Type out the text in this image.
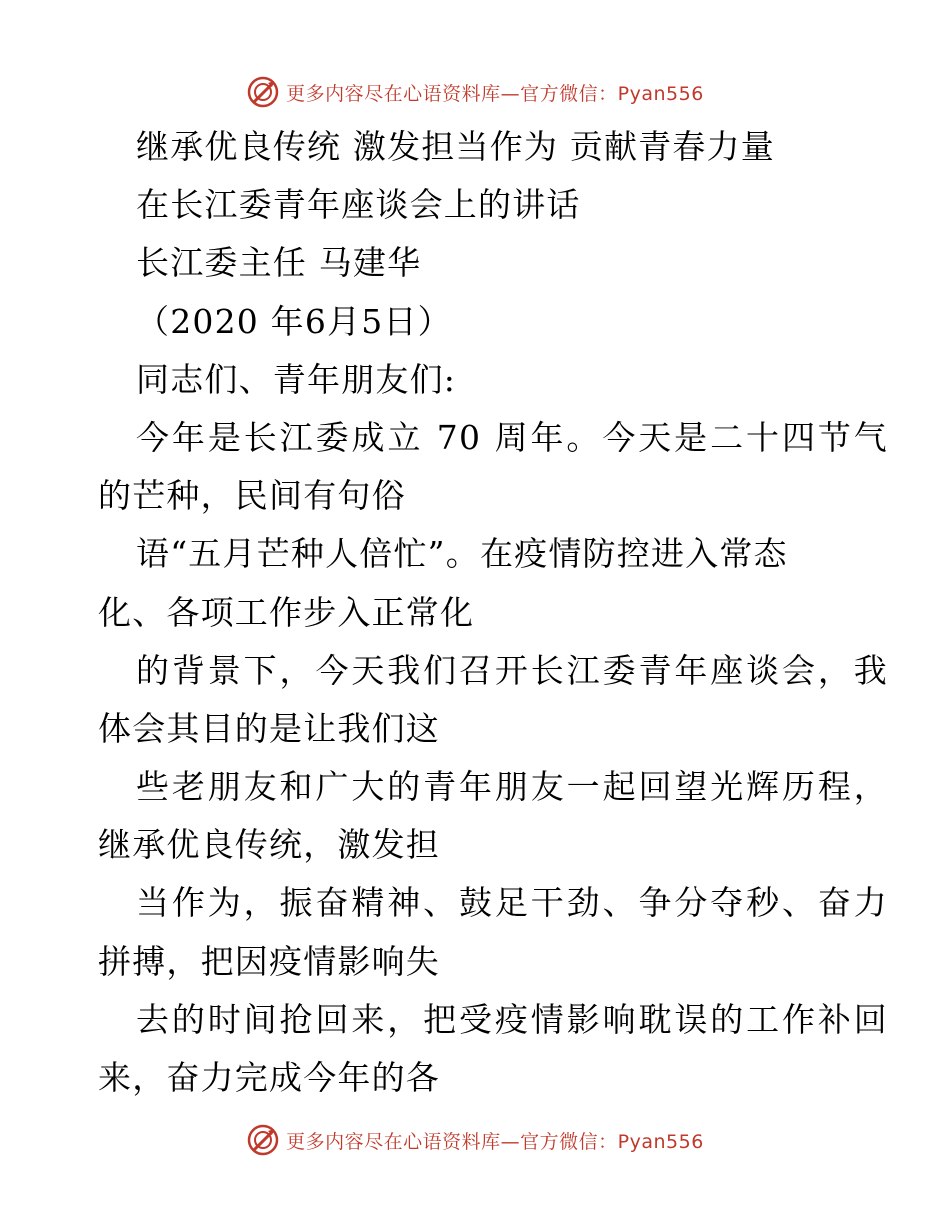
更多内容尽在心语资料库—官方微信：Pyan556
继承优良传统 激发担当作为 贡献青春力量
在长江委青年座谈会上的讲话
长江委主任 马建华
（2020 年6月5日）
同志们、青年朋友们:
今年是长江委成立 70 周年。今天是二十四节气
的芒种，民间有句俗
语“五月芒种人倍忙”。在疫情防控进入常态
化、各项工作步入正常化
的背景下，今天我们召开长江委青年座谈会，我
体会其目的是让我们这
些老朋友和广大的青年朋友一起回望光辉历程，
继承优良传统，激发担
当作为，振奋精神、鼓足干劲、争分夺秒、奋力
拼搏，把因疫情影响失
去的时间抢回来，把受疫情影响耽误的工作补回
来，奋力完成今年的各
更多内容尽在心语资料库—官方微信：Pyan556
